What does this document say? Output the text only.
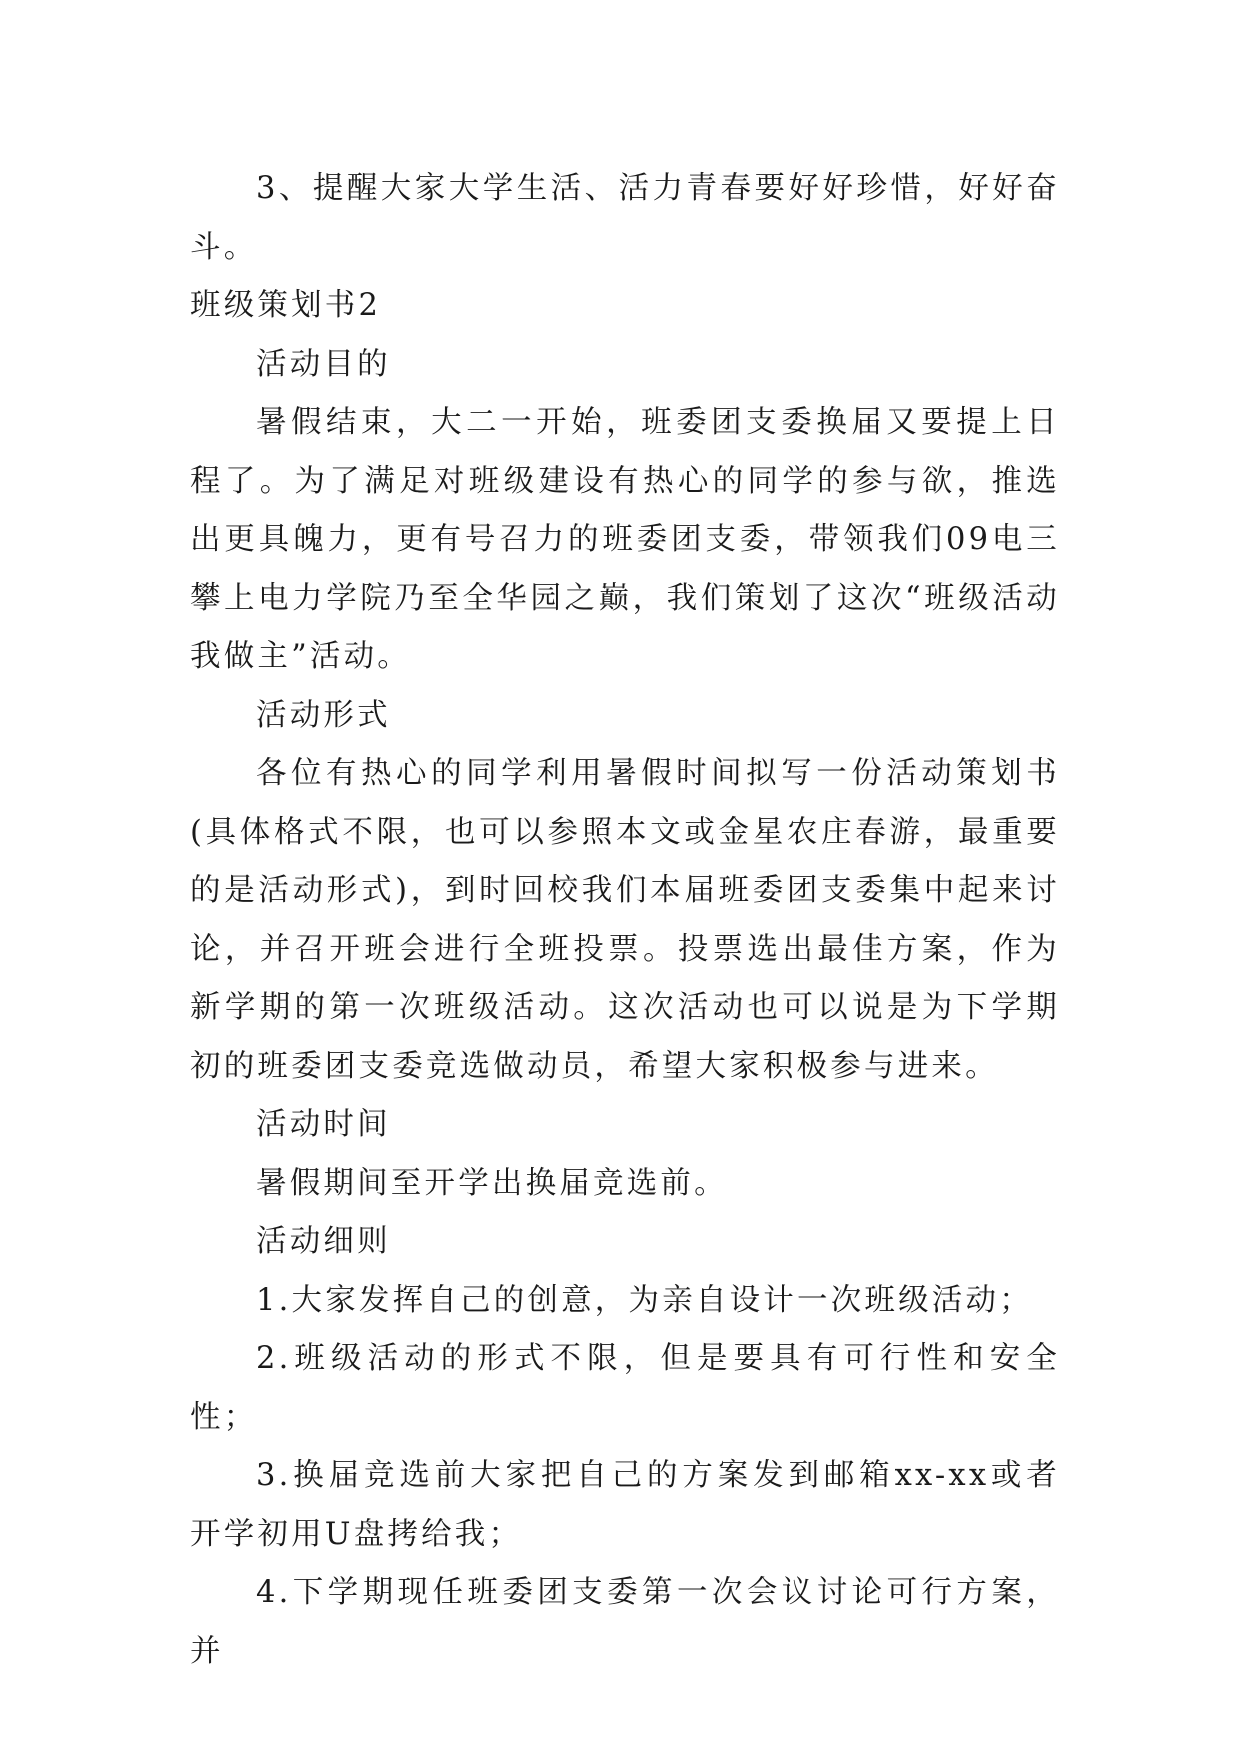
3、提醒大家大学生活、活力青春要好好珍惜，好好奋斗。

班级策划书2

活动目的

暑假结束，大二一开始，班委团支委换届又要提上日程了。为了满足对班级建设有热心的同学的参与欲，推选出更具魄力，更有号召力的班委团支委，带领我们09电三攀上电力学院乃至全华园之巅，我们策划了这次“班级活动我做主”活动。

活动形式

各位有热心的同学利用暑假时间拟写一份活动策划书(具体格式不限，也可以参照本文或金星农庄春游，最重要的是活动形式)，到时回校我们本届班委团支委集中起来讨论，并召开班会进行全班投票。投票选出最佳方案，作为新学期的第一次班级活动。这次活动也可以说是为下学期初的班委团支委竞选做动员，希望大家积极参与进来。

活动时间

暑假期间至开学出换届竞选前。

活动细则

1.大家发挥自己的创意，为亲自设计一次班级活动；

2.班级活动的形式不限，但是要具有可行性和安全性；

3.换届竞选前大家把自己的方案发到邮箱xx-xx或者开学初用U盘拷给我；

4.下学期现任班委团支委第一次会议讨论可行方案，并
